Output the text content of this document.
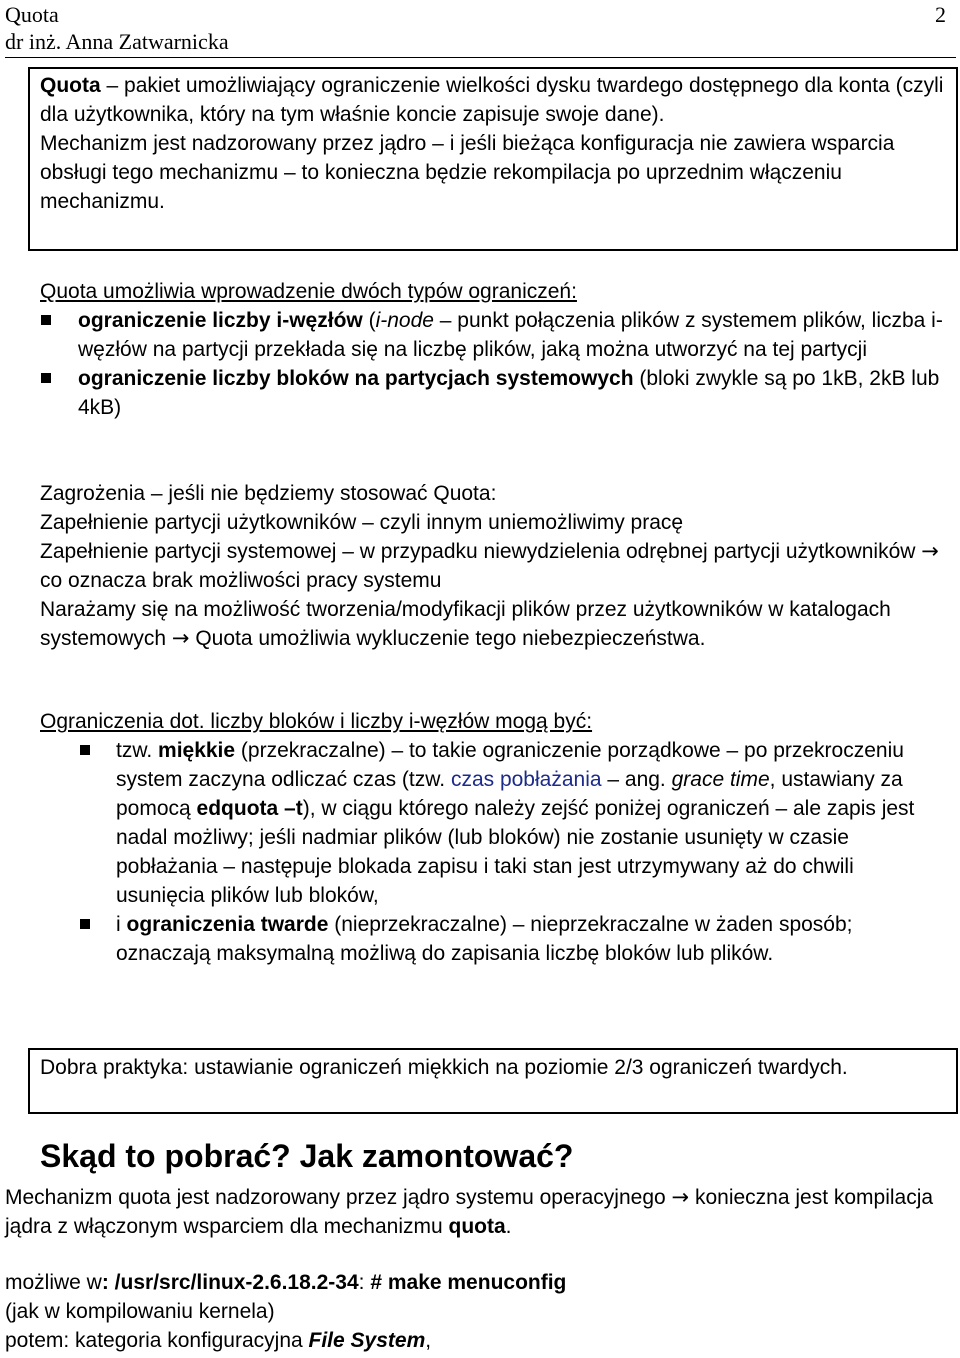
Quota
dr inż. Anna Zatwarnicka
2
Quota – pakiet umożliwiający ograniczenie wielkości dysku twardego dostępnego dla konta (czyli dla użytkownika, który na tym właśnie koncie zapisuje swoje dane).
Mechanizm jest nadzorowany przez jądro – i jeśli bieżąca konfiguracja nie zawiera wsparcia obsługi tego mechanizmu – to konieczna będzie rekompilacja po uprzednim włączeniu mechanizmu.
Quota umożliwia wprowadzenie dwóch typów ograniczeń:
ograniczenie liczby i-węzłów (i-node – punkt połączenia plików z systemem plików, liczba i-węzłów na partycji przekłada się na liczbę plików, jaką można utworzyć na tej partycji
ograniczenie liczby bloków na partycjach systemowych (bloki zwykle są po 1kB, 2kB lub 4kB)
Zagrożenia – jeśli nie będziemy stosować Quota:
Zapełnienie partycji użytkowników – czyli innym uniemożliwimy pracę
Zapełnienie partycji systemowej – w przypadku niewydzielenia odrębnej partycji użytkowników → co oznacza brak możliwości pracy systemu
Narażamy się na możliwość tworzenia/modyfikacji plików przez użytkowników w katalogach systemowych → Quota umożliwia wykluczenie tego niebezpieczeństwa.
Ograniczenia dot. liczby bloków i liczby i-węzłów mogą być:
tzw. miękkie (przekraczalne) – to takie ograniczenie porządkowe – po przekroczeniu system zaczyna odliczać czas (tzw. czas pobłażania – ang. grace time, ustawiany za pomocą edquota –t), w ciągu którego należy zejść poniżej ograniczeń – ale zapis jest nadal możliwy; jeśli nadmiar plików (lub bloków) nie zostanie usunięty w czasie pobłażania – następuje blokada zapisu i taki stan jest utrzymywany aż do chwili usunięcia plików lub bloków,
i ograniczenia twarde (nieprzekraczalne) – nieprzekraczalne w żaden sposób; oznaczają maksymalną możliwą do zapisania liczbę bloków lub plików.
Dobra praktyka: ustawianie ograniczeń miękkich na poziomie 2/3 ograniczeń twardych.
Skąd to pobrać? Jak zamontować?
Mechanizm quota jest nadzorowany przez jądro systemu operacyjnego → konieczna jest kompilacja jądra z włączonym wsparciem dla mechanizmu quota.
możliwe w: /usr/src/linux-2.6.18.2-34: # make menuconfig
(jak w kompilowaniu kernela)
potem: kategoria konfiguracyjna File System,
